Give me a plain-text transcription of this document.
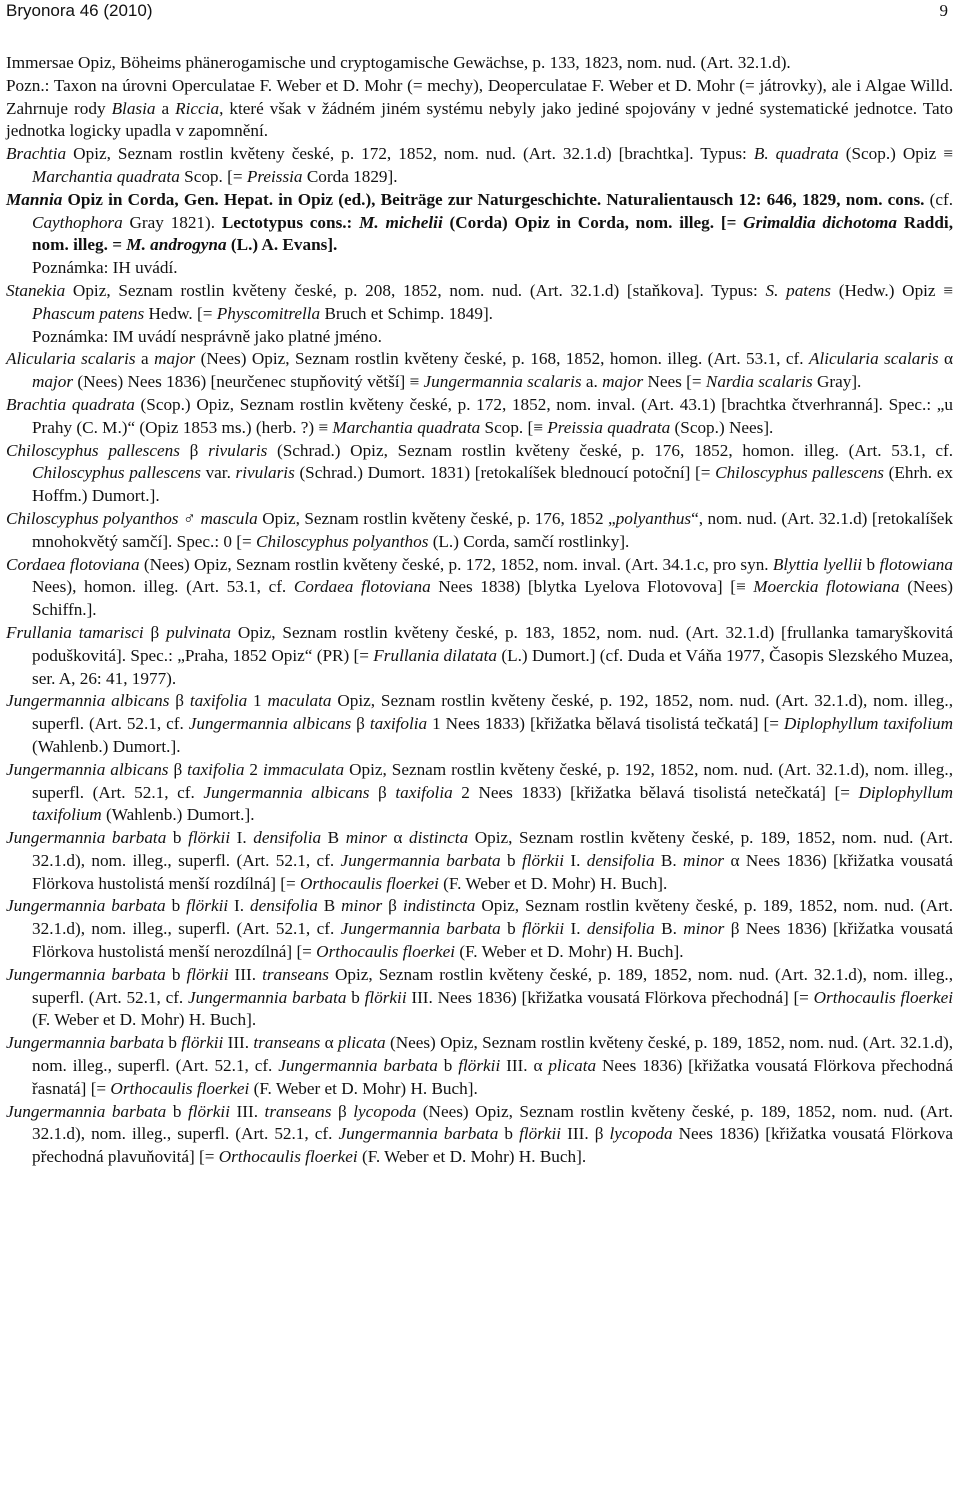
Bryonora 46 (2010)	9

Immersae Opiz, Böheims phänerogamische und cryptogamische Gewächse, p. 133, 1823, nom. nud. (Art. 32.1.d).
Pozn.: Taxon na úrovni Operculatae F. Weber et D. Mohr (= mechy), Deoperculatae F. Weber et D. Mohr (= játrovky), ale i Algae Willd. Zahrnuje rody Blasia a Riccia, které však v žádném jiném systému nebyly jako jediné spojovány v jedné systematické jednotce. Tato jednotka logicky upadla v zapomnění.

Brachtia Opiz, Seznam rostlin květeny české, p. 172, 1852, nom. nud. (Art. 32.1.d) [brachtka]. Typus: B. quadrata (Scop.) Opiz ≡ Marchantia quadrata Scop. [= Preissia Corda 1829].

Mannia Opiz in Corda, Gen. Hepat. in Opiz (ed.), Beiträge zur Naturgeschichte. Naturalientausch 12: 646, 1829, nom. cons. (cf. Caythophora Gray 1821). Lectotypus cons.: M. michelii (Corda) Opiz in Corda, nom. illeg. [= Grimaldia dichotoma Raddi, nom. illeg. = M. androgyna (L.) A. Evans].

Poznámka: IH uvádí.

Stanekia Opiz, Seznam rostlin květeny české, p. 208, 1852, nom. nud. (Art. 32.1.d) [staňkova]. Typus: S. patens (Hedw.) Opiz ≡ Phascum patens Hedw. [= Physcomitrella Bruch et Schimp. 1849].

Poznámka: IM uvádí nesprávně jako platné jméno.

Alicularia scalaris a major (Nees) Opiz, Seznam rostlin květeny české, p. 168, 1852, homon. illeg. (Art. 53.1, cf. Alicularia scalaris α major (Nees) Nees 1836) [neurčenec stupňovitý větší] ≡ Jungermannia scalaris a. major Nees [= Nardia scalaris Gray].

Brachtia quadrata (Scop.) Opiz, Seznam rostlin květeny české, p. 172, 1852, nom. inval. (Art. 43.1) [brachtka čtverhranná]. Spec.: „u Prahy (C. M.)“ (Opiz 1853 ms.) (herb. ?) ≡ Marchantia quadrata Scop. [≡ Preissia quadrata (Scop.) Nees].

Chiloscyphus pallescens β rivularis (Schrad.) Opiz, Seznam rostlin květeny české, p. 176, 1852, homon. illeg. (Art. 53.1, cf. Chiloscyphus pallescens var. rivularis (Schrad.) Dumort. 1831) [retokalíšek blednoucí potoční] [= Chiloscyphus pallescens (Ehrh. ex Hoffm.) Dumort.].

Chiloscyphus polyanthos ♂ mascula Opiz, Seznam rostlin květeny české, p. 176, 1852 „polyanthus“, nom. nud. (Art. 32.1.d) [retokalíšek mnohokvětý samčí]. Spec.: 0 [= Chiloscyphus polyanthos (L.) Corda, samčí rostlinky].

Cordaea flotoviana (Nees) Opiz, Seznam rostlin květeny české, p. 172, 1852, nom. inval. (Art. 34.1.c, pro syn. Blyttia lyellii b flotowiana Nees), homon. illeg. (Art. 53.1, cf. Cordaea flotoviana Nees 1838) [blytka Lyelova Flotovova] [≡ Moerckia flotowiana (Nees) Schiffn.].

Frullania tamarisci β pulvinata Opiz, Seznam rostlin květeny české, p. 183, 1852, nom. nud. (Art. 32.1.d) [frullanka tamaryškovitá poduškovitá]. Spec.: „Praha, 1852 Opiz“ (PR) [= Frullania dilatata (L.) Dumort.] (cf. Duda et Váňa 1977, Časopis Slezského Muzea, ser. A, 26: 41, 1977).

Jungermannia albicans β taxifolia 1 maculata Opiz, Seznam rostlin květeny české, p. 192, 1852, nom. nud. (Art. 32.1.d), nom. illeg., superfl. (Art. 52.1, cf. Jungermannia albicans β taxifolia 1 Nees 1833) [křižatka bělavá tisolistá tečkatá] [= Diplophyllum taxifolium (Wahlenb.) Dumort.].

Jungermannia albicans β taxifolia 2 immaculata Opiz, Seznam rostlin květeny české, p. 192, 1852, nom. nud. (Art. 32.1.d), nom. illeg., superfl. (Art. 52.1, cf. Jungermannia albicans β taxifolia 2 Nees 1833) [křižatka bělavá tisolistá netečkatá] [= Diplophyllum taxifolium (Wahlenb.) Dumort.].

Jungermannia barbata b flörkii I. densifolia B minor α distincta Opiz, Seznam rostlin květeny české, p. 189, 1852, nom. nud. (Art. 32.1.d), nom. illeg., superfl. (Art. 52.1, cf. Jungermannia barbata b flörkii I. densifolia B. minor α Nees 1836) [křižatka vousatá Flörkova hustolistá menší rozdílná] [= Orthocaulis floerkei (F. Weber et D. Mohr) H. Buch].

Jungermannia barbata b flörkii I. densifolia B minor β indistincta Opiz, Seznam rostlin květeny české, p. 189, 1852, nom. nud. (Art. 32.1.d), nom. illeg., superfl. (Art. 52.1, cf. Jungermannia barbata b flörkii I. densifolia B. minor β Nees 1836) [křižatka vousatá Flörkova hustolistá menší nerozdílná] [= Orthocaulis floerkei (F. Weber et D. Mohr) H. Buch].

Jungermannia barbata b flörkii III. transeans Opiz, Seznam rostlin květeny české, p. 189, 1852, nom. nud. (Art. 32.1.d), nom. illeg., superfl. (Art. 52.1, cf. Jungermannia barbata b flörkii III. Nees 1836) [křižatka vousatá Flörkova přechodná] [= Orthocaulis floerkei (F. Weber et D. Mohr) H. Buch].

Jungermannia barbata b flörkii III. transeans α plicata (Nees) Opiz, Seznam rostlin květeny české, p. 189, 1852, nom. nud. (Art. 32.1.d), nom. illeg., superfl. (Art. 52.1, cf. Jungermannia barbata b flörkii III. α plicata Nees 1836) [křižatka vousatá Flörkova přechodná řasnatá] [= Orthocaulis floerkei (F. Weber et D. Mohr) H. Buch].

Jungermannia barbata b flörkii III. transeans β lycopoda (Nees) Opiz, Seznam rostlin květeny české, p. 189, 1852, nom. nud. (Art. 32.1.d), nom. illeg., superfl. (Art. 52.1, cf. Jungermannia barbata b flörkii III. β lycopoda Nees 1836) [křižatka vousatá Flörkova přechodná plavuňovitá] [= Orthocaulis floerkei (F. Weber et D. Mohr) H. Buch].
